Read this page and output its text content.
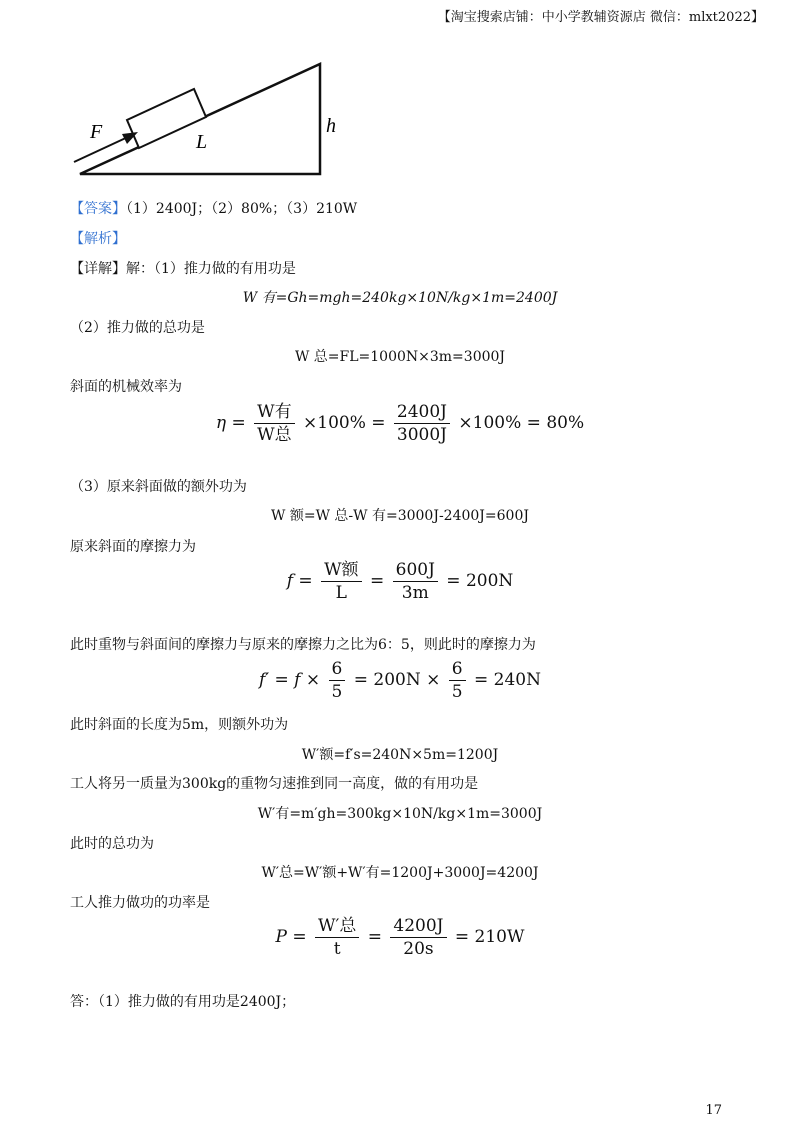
【淘宝搜索店铺：中小学教辅资源店 微信：mlxt2022】
F	L
h
【答案】（1）2400J；（2）80%；（3）210W
【解析】
【详解】解：（1）推力做的有用功是
W 有=Gh=mgh=240kg×10N/kg×1m=2400J
（2）推力做的总功是
W 总=FL=1000N×3m=3000J
斜面的机械效率为
$\eta = \frac{\text{W有}}{\text{W总}} \times 100\% = \frac{2400J}{3000J} \times 100\% = 80\%$
（3）原来斜面做的额外功为
W 额=W 总-W 有=3000J-2400J=600J
原来斜面的摩擦力为
$f = \frac{\text{W额}}{L} = \frac{600J}{3m} = 200N$
此时重物与斜面间的摩擦力与原来的摩擦力之比为6：5，则此时的摩擦力为
$f' = f \times \frac{6}{5} = 200N \times \frac{6}{5} = 240N$
此时斜面的长度为5m，则额外功为
W′额=f′s=240N×5m=1200J
工人将另一质量为300kg的重物匀速推到同一高度，做的有用功是
W′有=m′gh=300kg×10N/kg×1m=3000J
此时的总功为
W′总=W′额+W′有=1200J+3000J=4200J
工人推力做功的功率是
$P = \frac{\text{W′总}}{t} = \frac{4200J}{20s} = 210W$
答：（1）推力做的有用功是2400J；
17
